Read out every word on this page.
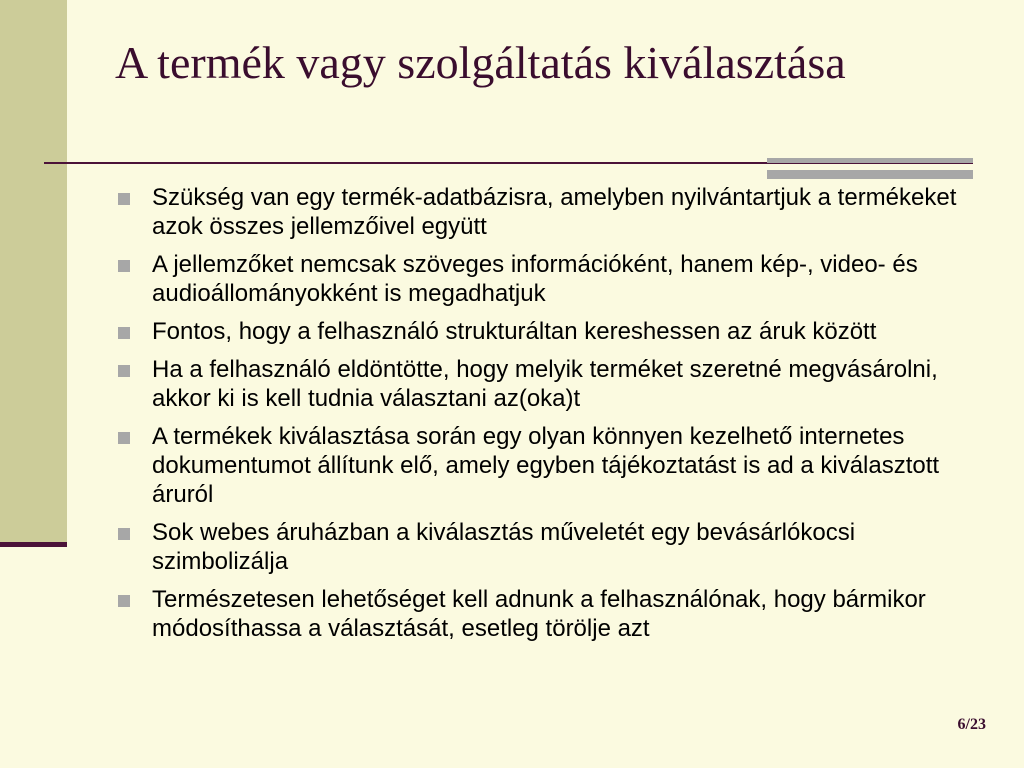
A termék vagy szolgáltatás kiválasztása
Szükség van egy termék-adatbázisra, amelyben nyilvántartjuk a termékeket azok összes jellemzőivel együtt
A jellemzőket nemcsak szöveges információként, hanem kép-, video- és audioállományokként is megadhatjuk
Fontos, hogy a felhasználó strukturáltan kereshessen az áruk között
Ha a felhasználó eldöntötte, hogy melyik terméket szeretné megvásárolni, akkor ki is kell tudnia választani az(oka)t
A termékek kiválasztása során egy olyan könnyen kezelhető internetes dokumentumot állítunk elő, amely egyben tájékoztatást is ad a kiválasztott áruról
Sok webes áruházban a kiválasztás műveletét egy bevásárlókocsi szimbolizálja
Természetesen lehetőséget kell adnunk a felhasználónak, hogy bármikor módosíthassa a választását, esetleg törölje azt
6/23
